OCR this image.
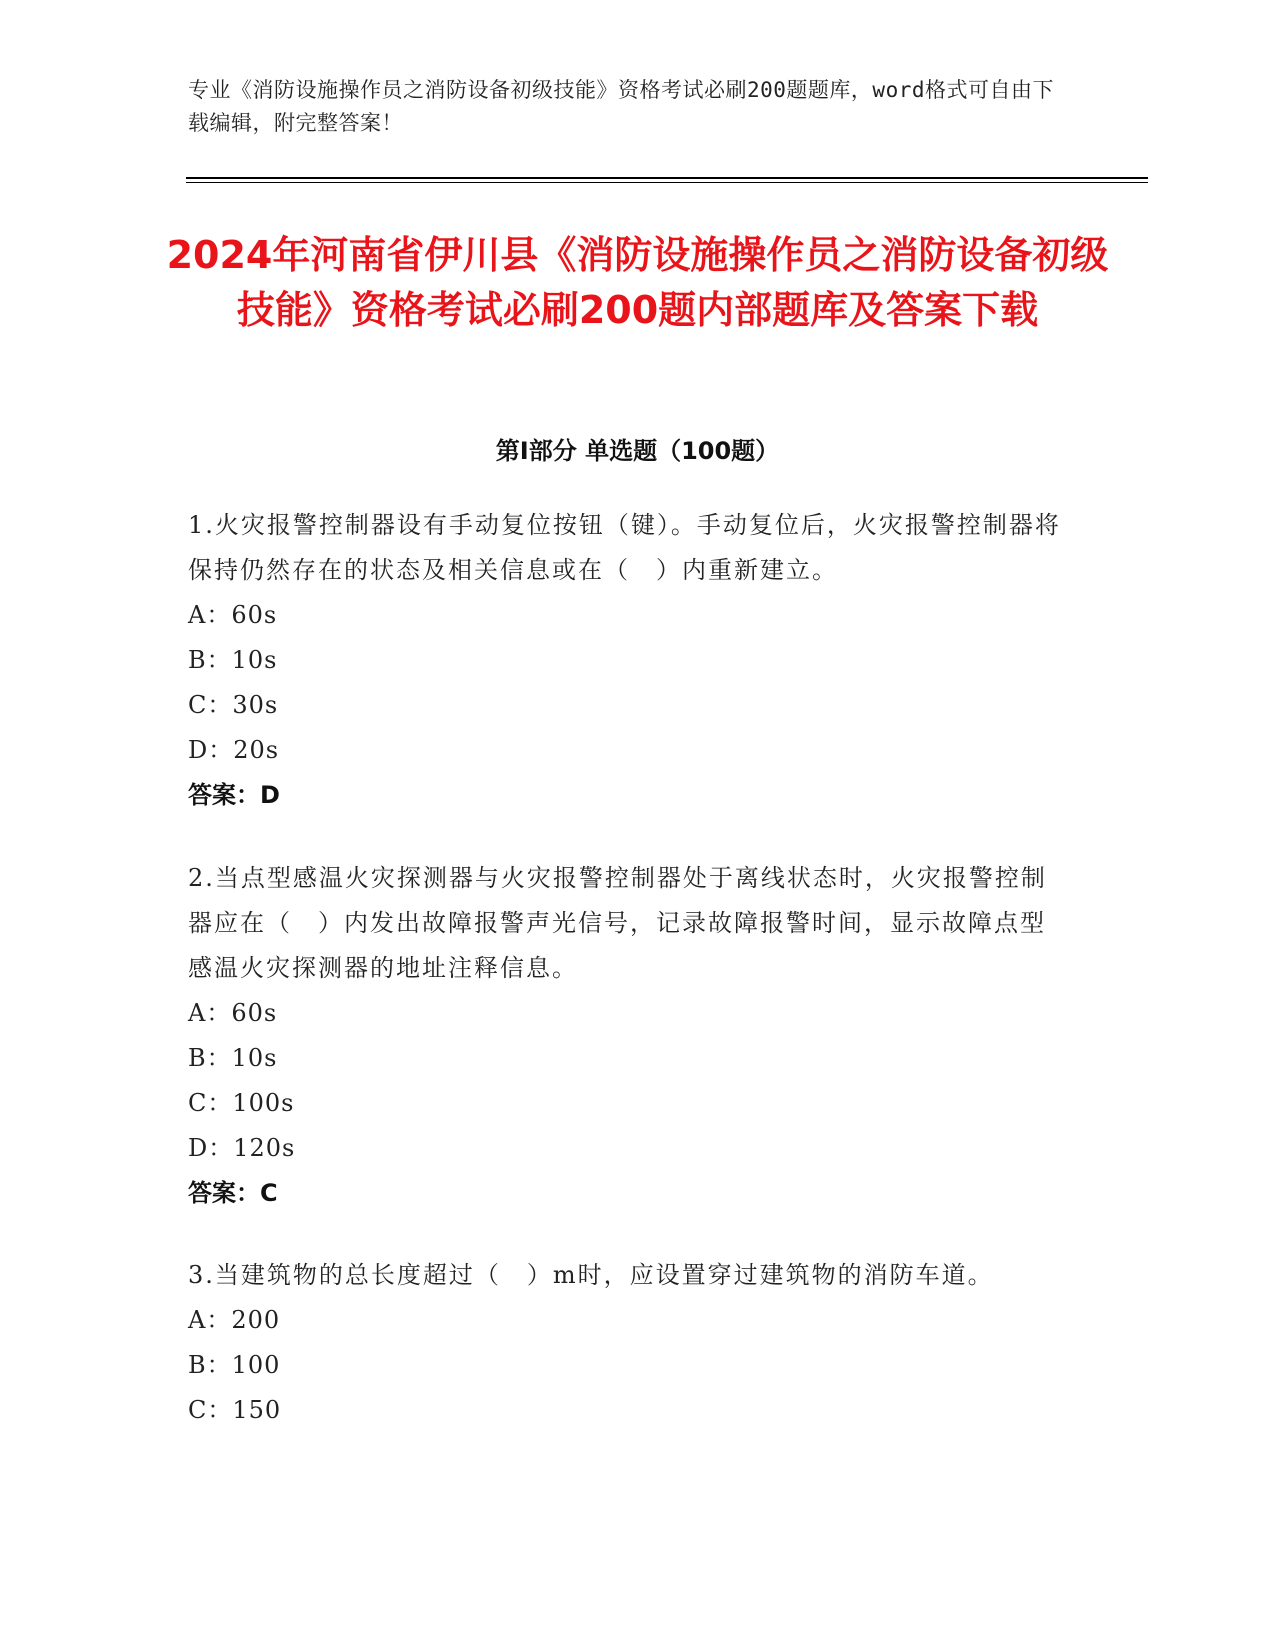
专业《消防设施操作员之消防设备初级技能》资格考试必刷200题题库，word格式可自由下载编辑，附完整答案！
2024年河南省伊川县《消防设施操作员之消防设备初级技能》资格考试必刷200题内部题库及答案下载
第Ⅰ部分 单选题（100题）
1.火灾报警控制器设有手动复位按钮（键）。手动复位后，火灾报警控制器将保持仍然存在的状态及相关信息或在（　）内重新建立。
A：60s
B：10s
C：30s
D：20s
答案：D
2.当点型感温火灾探测器与火灾报警控制器处于离线状态时，火灾报警控制器应在（　）内发出故障报警声光信号，记录故障报警时间，显示故障点型感温火灾探测器的地址注释信息。
A：60s
B：10s
C：100s
D：120s
答案：C
3.当建筑物的总长度超过（　）m时，应设置穿过建筑物的消防车道。
A：200
B：100
C：150
